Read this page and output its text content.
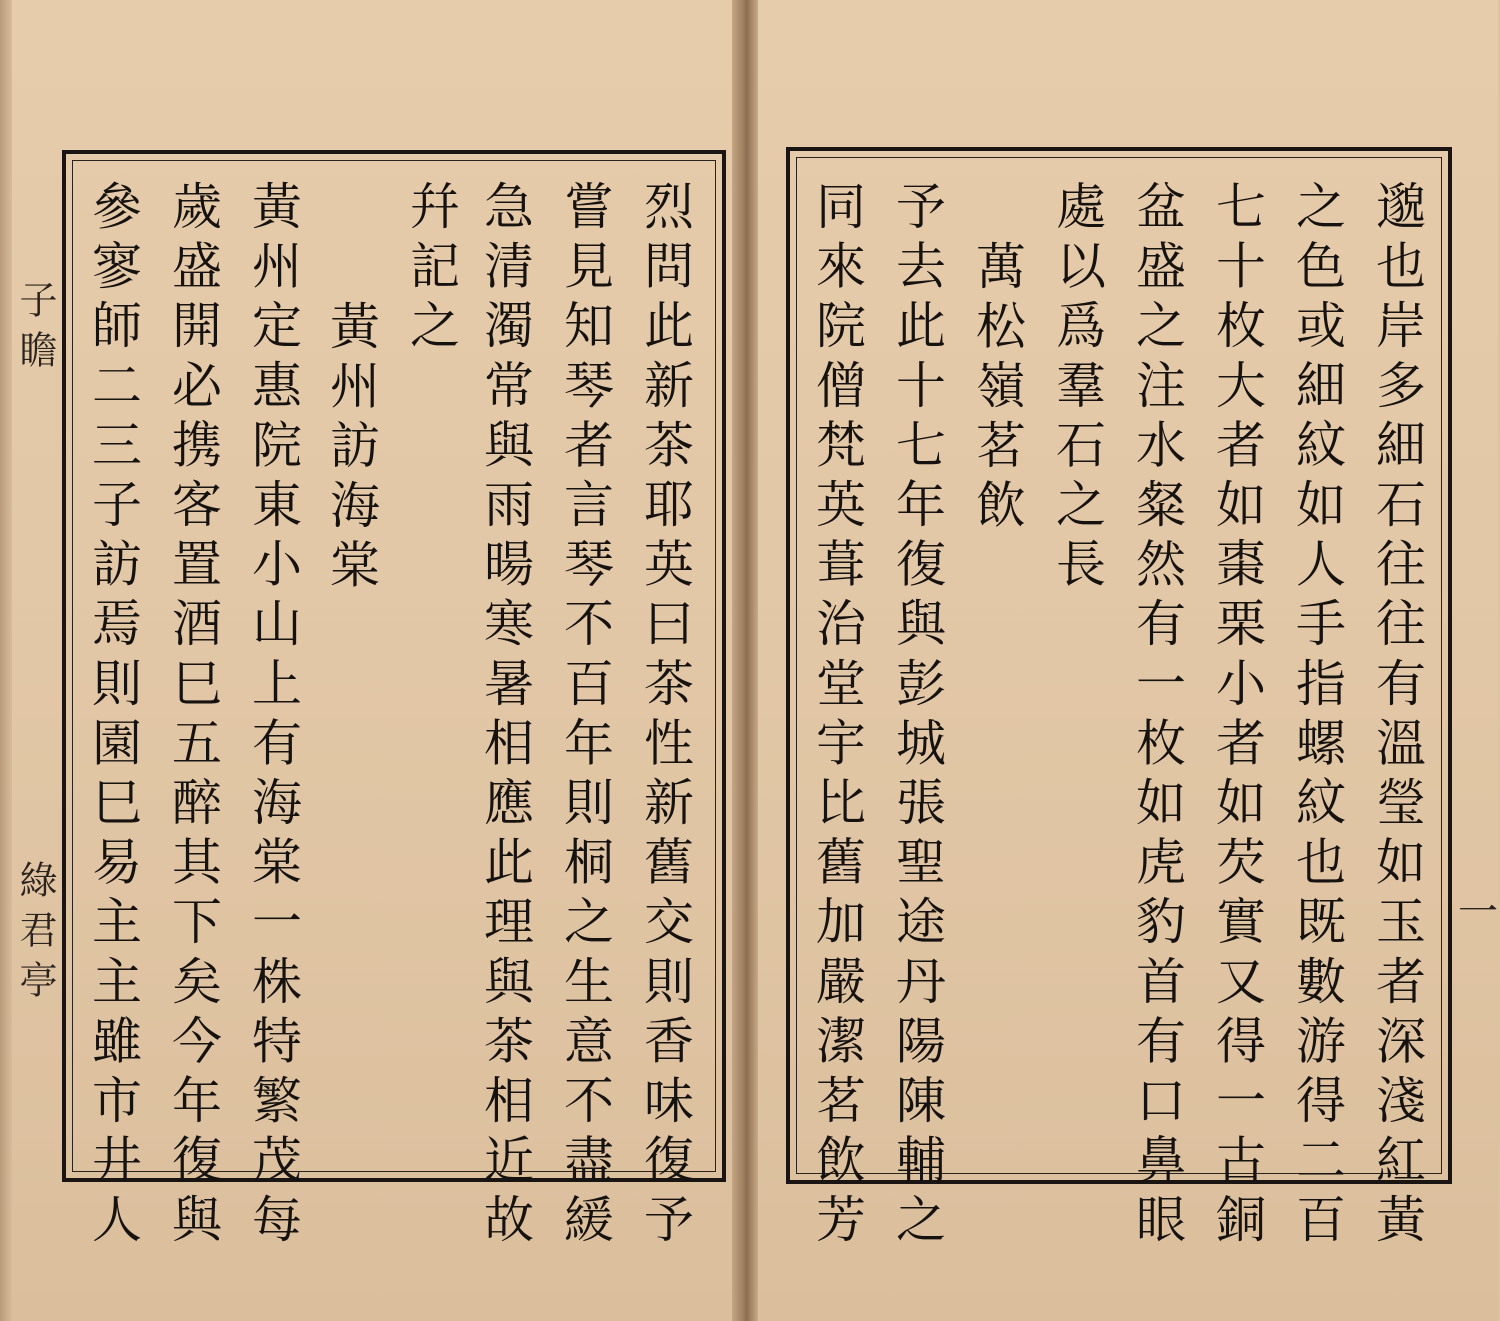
子瞻
綠君亭	烈問此新茶耶英曰茶性新舊交則香味復予
嘗見知琴者言琴不百年則桐之生意不盡緩
急清濁常與雨暘寒暑相應此理與茶相近故
幷記之
黃州訪海棠
黃州定惠院東小山上有海棠一株特繁茂每
歲盛開必携客置酒巳五醉其下矣今年復與
參寥師二三子訪焉則園巳易主主雖市井人	一
邈也岸多細石往往有溫瑩如玉者深淺紅黃
之色或細紋如人手指螺紋也既數游得二百
七十枚大者如棗栗小者如芡實又得一古銅
盆盛之注水粲然有一枚如虎豹首有口鼻眼
處以爲羣石之長
萬松嶺茗飲
予去此十七年復與彭城張聖途丹陽陳輔之
同來院僧梵英葺治堂宇比舊加嚴潔茗飲芳
